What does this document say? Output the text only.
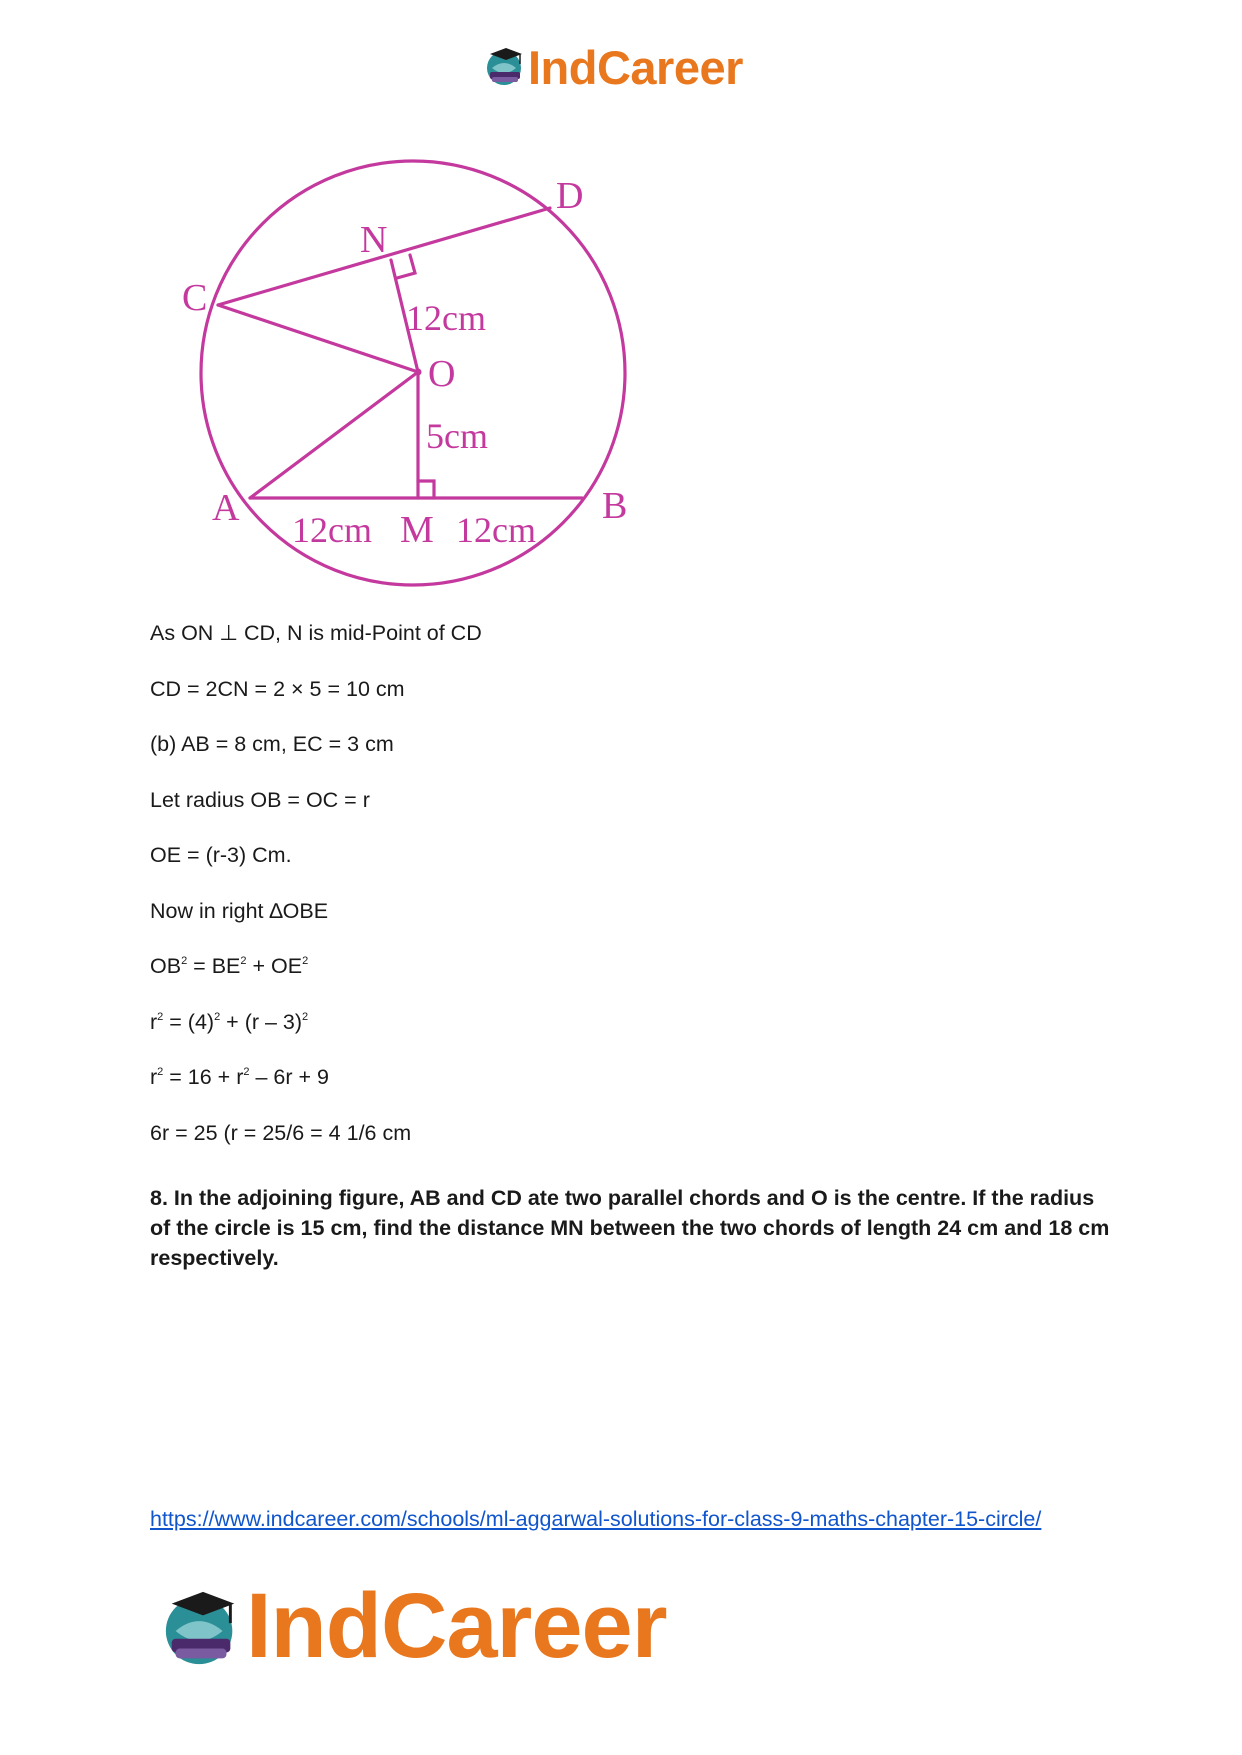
IndCareer
D
N
C
O
A
M
B
12cm
5cm
12cm 12cm
As ON ⊥ CD, N is mid-Point of CD
CD = 2CN = 2 × 5 = 10 cm
(b) AB = 8 cm, EC = 3 cm
Let radius OB = OC = r
OE = (r-3) Cm.
Now in right ∆OBE
$OB^2 = BE^2 + OE^2$
$r^2 = (4)^2 + (r - 3)^2$
$r^2 = 16 + r^2 - 6r + 9$
6r = 25 (r = 25/6 = 4 1/6 cm
8. In the adjoining figure, AB and CD ate two parallel chords and O is the centre. If the radius of the circle is 15 cm, find the distance MN between the two chords of length 24 cm and 18 cm respectively.
https://www.indcareer.com/schools/ml-aggarwal-solutions-for-class-9-maths-chapter-15-circle/
IndCareer
